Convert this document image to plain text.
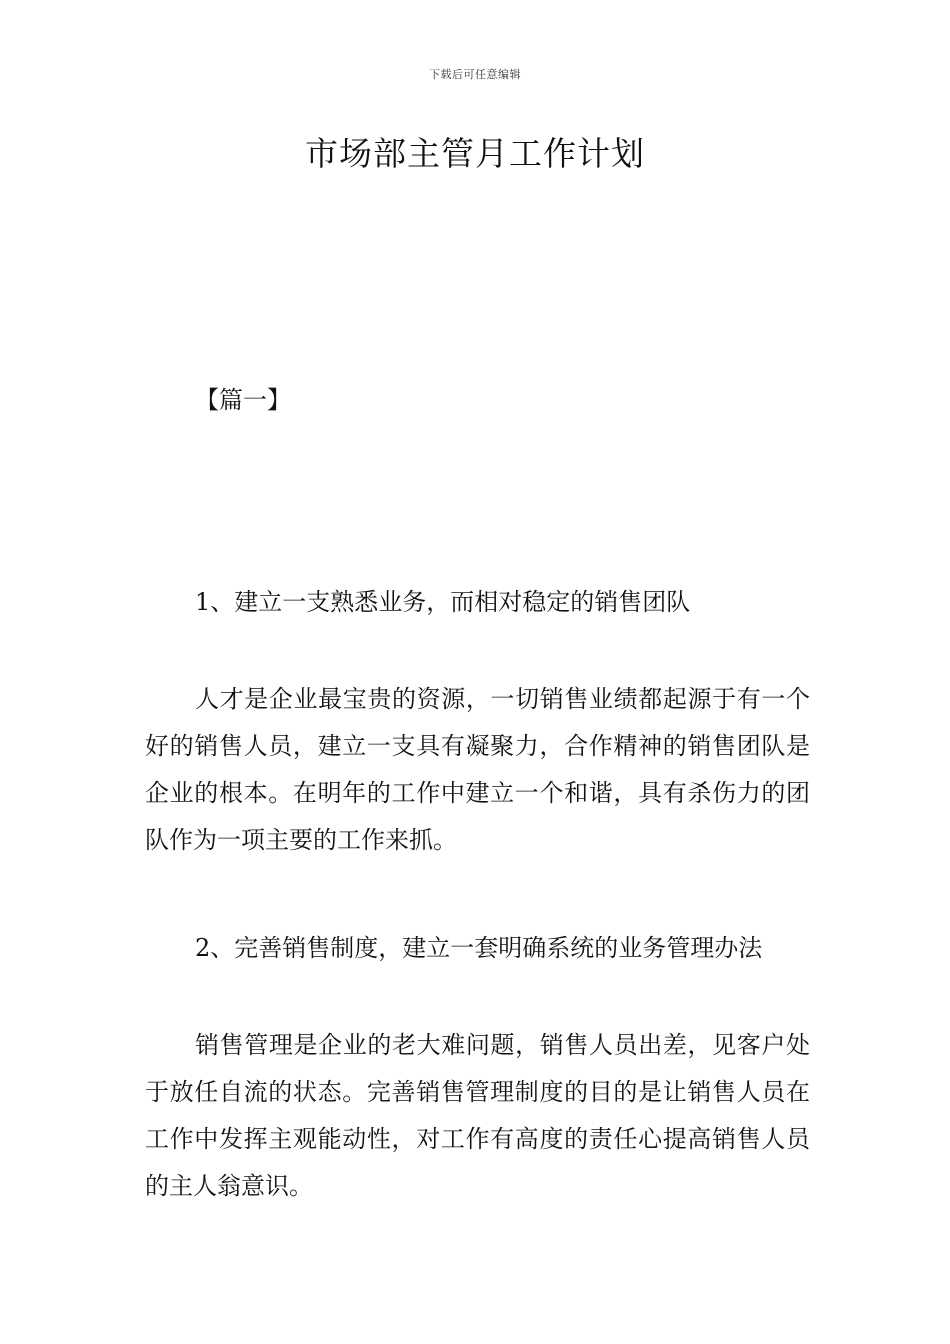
下载后可任意编辑
市场部主管月工作计划
【篇一】
1、建立一支熟悉业务，而相对稳定的销售团队

人才是企业最宝贵的资源，一切销售业绩都起源于有一个好的销售人员，建立一支具有凝聚力，合作精神的销售团队是企业的根本。在明年的工作中建立一个和谐，具有杀伤力的团队作为一项主要的工作来抓。

2、完善销售制度，建立一套明确系统的业务管理办法

销售管理是企业的老大难问题，销售人员出差，见客户处于放任自流的状态。完善销售管理制度的目的是让销售人员在工作中发挥主观能动性，对工作有高度的责任心提高销售人员的主人翁意识。
